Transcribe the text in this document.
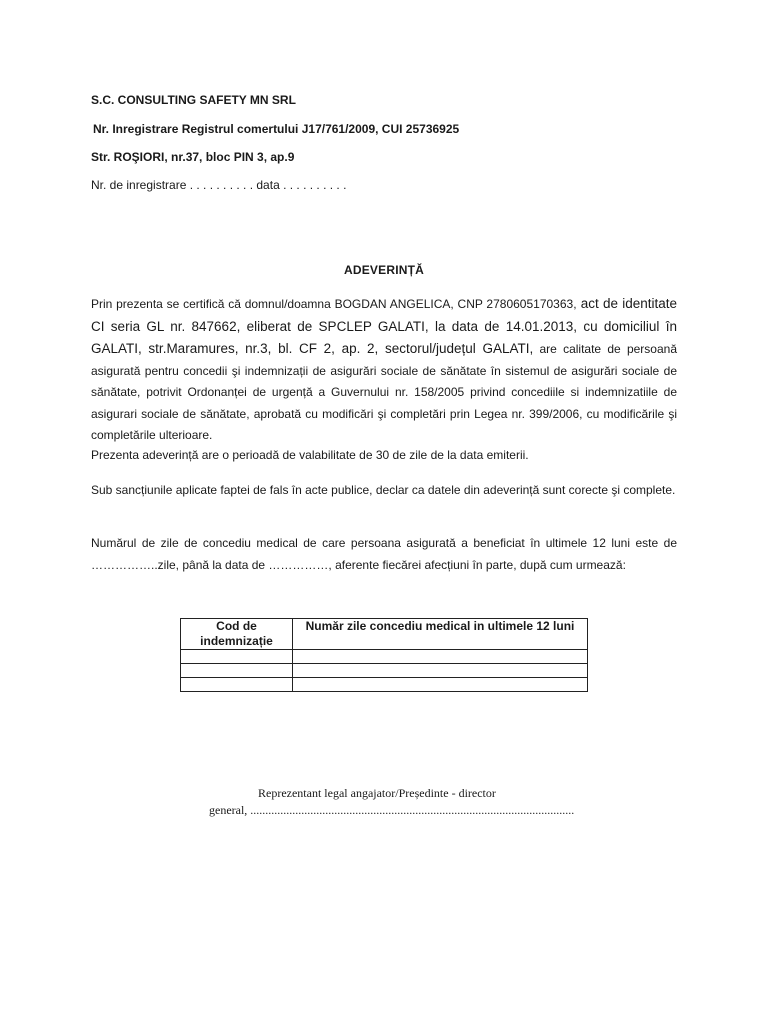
S.C. CONSULTING SAFETY MN SRL
Nr. Inregistrare Registrul comertului J17/761/2009, CUI 25736925
Str. ROŞIORI, nr.37, bloc PIN 3, ap.9
Nr. de inregistrare . . . . . . . . . . data . . . . . . . . . .
ADEVERINȚĂ
Prin prezenta se certifică că domnul/doamna BOGDAN ANGELICA, CNP 2780605170363, act de identitate CI seria GL nr. 847662, eliberat de SPCLEP GALATI, la data de 14.01.2013, cu domiciliul în GALATI, str.Maramures, nr.3, bl. CF 2, ap. 2, sectorul/județul GALATI, are calitate de persoană asigurată pentru concedii şi indemnizații de asigurări sociale de sănătate în sistemul de asigurări sociale de sănătate, potrivit Ordonanței de urgență a Guvernului nr. 158/2005 privind concediile si indemnizatiile de asigurari sociale de sănătate, aprobată cu modificări şi completări prin Legea nr. 399/2006, cu modificările şi completările ulterioare.
Prezenta adeverință are o perioadă de valabilitate de 30 de zile de la data emiterii.
Sub sancțiunile aplicate faptei de fals în acte publice, declar ca datele din adeverință sunt corecte şi complete.
Numărul de zile de concediu medical de care persoana asigurată a beneficiat în ultimele 12 luni este de ……………..zile, până la data de ……………, aferente fiecărei afecțiuni în parte, după cum urmează:
Cod de indemnizație	Număr zile concediu medical in ultimele 12 luni

Reprezentant legal angajator/Președinte - director
general, ............................................................................................................
